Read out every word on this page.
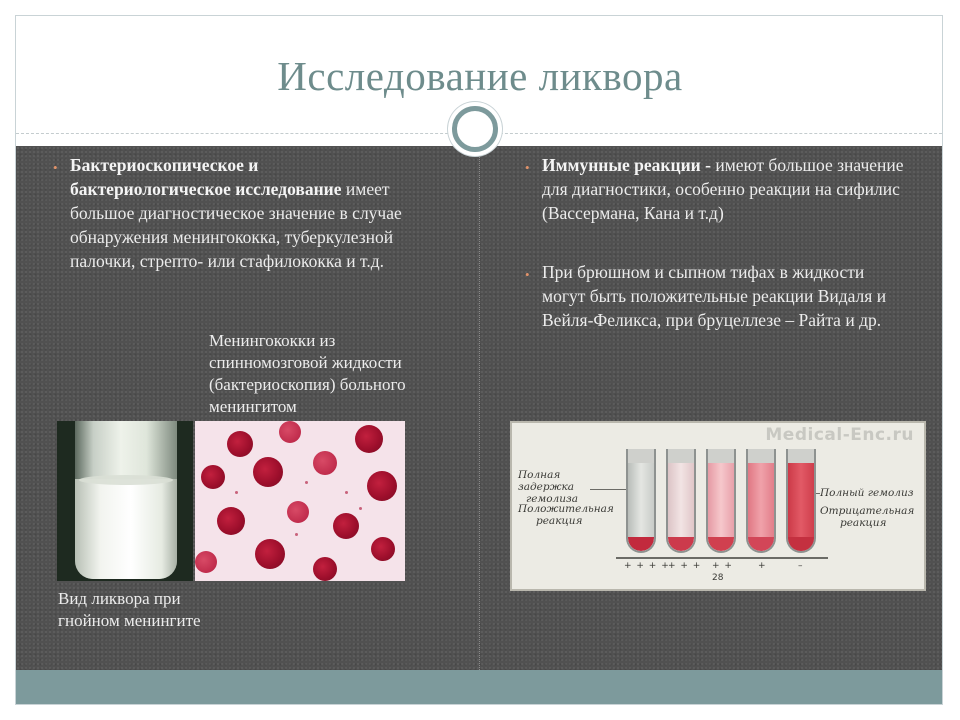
Исследование ликвора
• Бактериоскопическое и бактериологическое исследование имеет большое диагностическое значение в случае обнаружения менингококка, туберкулезной палочки, стрепто- или стафилококка и т.д.
• Иммунные реакции - имеют большое значение для диагностики, особенно реакции на сифилис (Вассермана, Кана и т.д)
• При брюшном и сыпном тифах в жидкости могут быть положительные реакции Видаля и Вейля-Феликса, при бруцеллезе – Райта и др.
Менингококки из спинномозговой жидкости (бактериоскопия) больного менингитом
Вид ликвора при гнойном менингите
Medical-Enc.ru
Полная задержка
гемолиза
Положительная
реакция
Полный гемолиз
Отрицательная
реакция
+ + + +
+ + + + +	+	–
28
